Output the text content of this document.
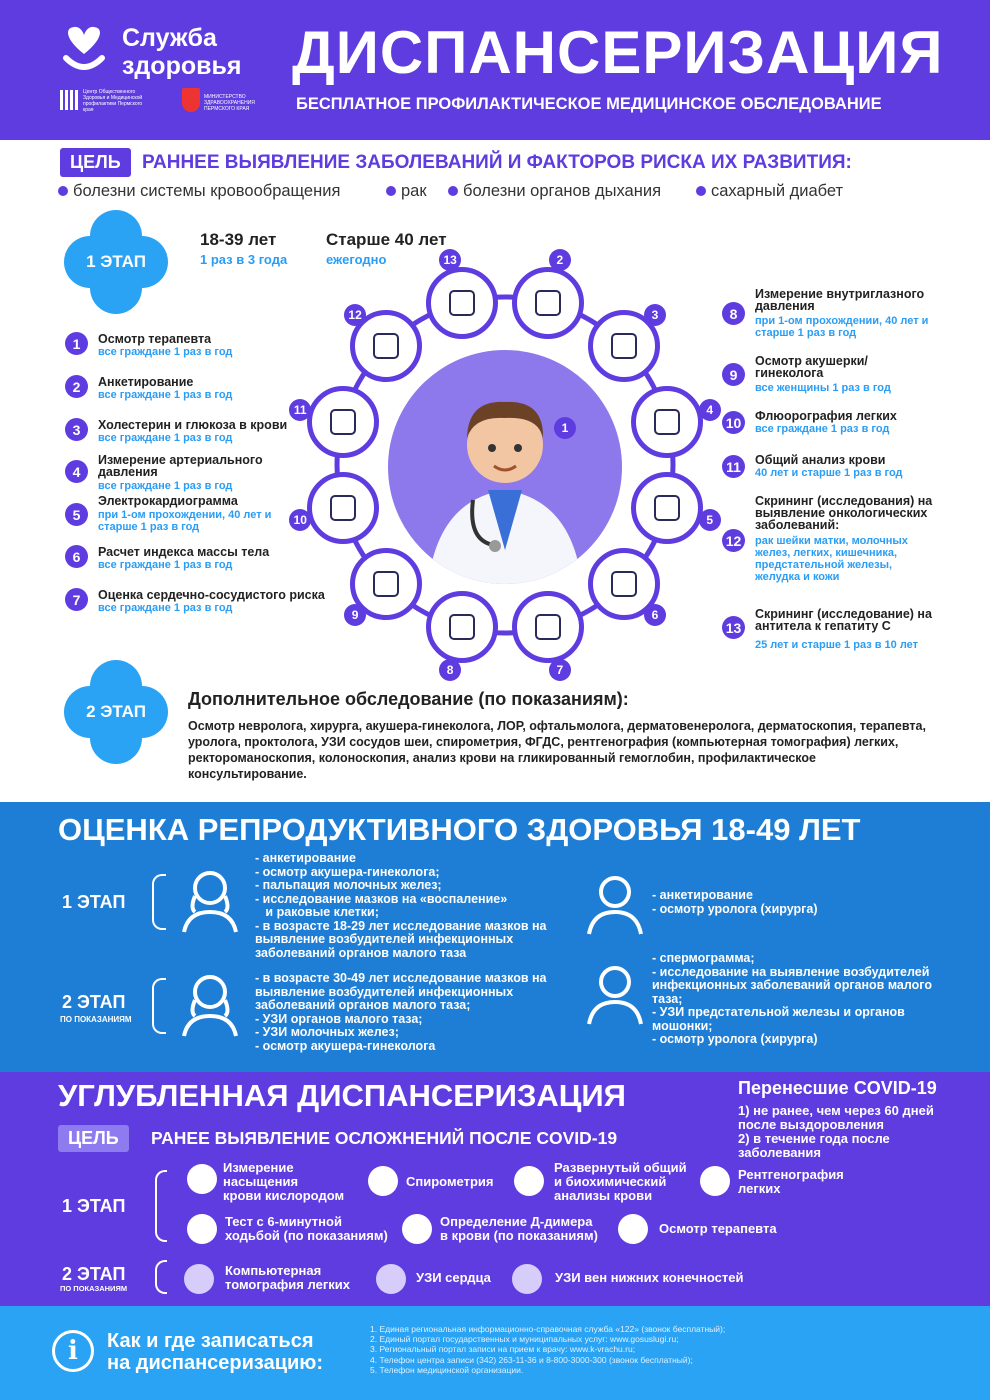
Служба
здоровья
Центр Общественного Здоровья и Медицинской профилактики Пермского края
МИНИСТЕРСТВО ЗДРАВООХРАНЕНИЯ ПЕРМСКОГО КРАЯ
ДИСПАНСЕРИЗАЦИЯ
БЕСПЛАТНОЕ ПРОФИЛАКТИЧЕСКОЕ МЕДИЦИНСКОЕ ОБСЛЕДОВАНИЕ
ЦЕЛЬ	РАННЕЕ ВЫЯВЛЕНИЕ ЗАБОЛЕВАНИЙ И ФАКТОРОВ РИСКА ИХ РАЗВИТИЯ:
болезни системы кровообращения	рак	болезни органов дыхания	сахарный диабет
1 ЭТАП
18-39 лет
1 раз в 3 года
Старше 40 лет
ежегодно
1	Осмотр терапевта
все граждане 1 раз в год
2	Анкетирование
все граждане 1 раз в год
3	Холестерин и глюкоза в крови
все граждане 1 раз в год
4
Измерение артериального давления
все граждане 1 раз в год
5
Электрокардиограмма
при 1-ом прохождении, 40 лет и старше 1 раз в год
6	Расчет индекса массы тела
все граждане 1 раз в год
7	Оценка сердечно-сосудистого риска
все граждане 1 раз в год
8
Измерение внутриглазного давления
при 1-ом прохождении, 40 лет и старше 1 раз в год
9
Осмотр акушерки/гинеколога
все женщины 1 раз в год
10 Флюорография легких
все граждане 1 раз в год
11	Общий анализ крови
40 лет и старше 1 раз в год
12
Скрининг (исследования) на выявление онкологических заболеваний:
рак шейки матки, молочных желез, легких, кишечника, предстательной железы, желудка и кожи
13
Скрининг (исследование) на антитела к гепатиту С
25 лет и старше 1 раз в 10 лет
1
2
3
4
5
6
7
8
9
10
11
12
13
2 ЭТАП
Дополнительное обследование (по показаниям):
Осмотр невролога, хирурга, акушера-гинеколога, ЛОР, офтальмолога, дерматовенеролога, дерматоскопия, терапевта, уролога, проктолога, УЗИ сосудов шеи, спирометрия, ФГДС, рентгенография (компьютерная томография) легких, ректороманоскопия, колоноскопия, анализ крови на гликированный гемоглобин, профилактическое консультирование.
ОЦЕНКА РЕПРОДУКТИВНОГО ЗДОРОВЬЯ 18-49 ЛЕТ
1 ЭТАП
2 ЭТАП
ПО ПОКАЗАНИЯМ
- анкетирование
- осмотр акушера-гинеколога;
- пальпация молочных желез;
- исследование мазков на «воспаление»
и раковые клетки;
- в возрасте 18-29 лет исследование мазков на
выявление возбудителей инфекционных
заболеваний органов малого таза
- в возрасте 30-49 лет исследование мазков на
выявление возбудителей инфекционных
заболеваний органов малого таза;
- УЗИ органов малого таза;
- УЗИ молочных желез;
- осмотр акушера-гинеколога
- анкетирование
- осмотр уролога (хирурга)
- спермограмма;
- исследование на выявление возбудителей
инфекционных заболеваний органов малого
таза;
- УЗИ предстательной железы и органов
мошонки;
- осмотр уролога (хирурга)
УГЛУБЛЕННАЯ ДИСПАНСЕРИЗАЦИЯ
ЦЕЛЬ	РАНЕЕ ВЫЯВЛЕНИЕ ОСЛОЖНЕНИЙ ПОСЛЕ COVID-19
Перенесшие COVID-19
1) не ранее, чем через 60 дней
после выздоровления
2) в течение года после
заболевания
1 ЭТАП
2 ЭТАП
ПО ПОКАЗАНИЯМ
Измерение
насыщения
крови кислородом
Спирометрия
Развернутый общий
и биохимический
анализы крови
Рентгенография
легких
Тест с 6-минутной
ходьбой (по показаниям)
Определение Д-димера
в крови (по показаниям)	Осмотр терапевта
Компьютерная
томография легких	УЗИ сердца	УЗИ вен нижних конечностей
i	Как и где записаться
на диспансеризацию:
1. Единая региональная информационно-справочная служба «122» (звонок бесплатный);
2. Единый портал государственных и муниципальных услуг: www.gosuslugi.ru;
3. Региональный портал записи на прием к врачу: www.k-vrachu.ru;
4. Телефон центра записи (342) 263-11-36 и 8-800-3000-300 (звонок бесплатный);
5. Телефон медицинской организации.
